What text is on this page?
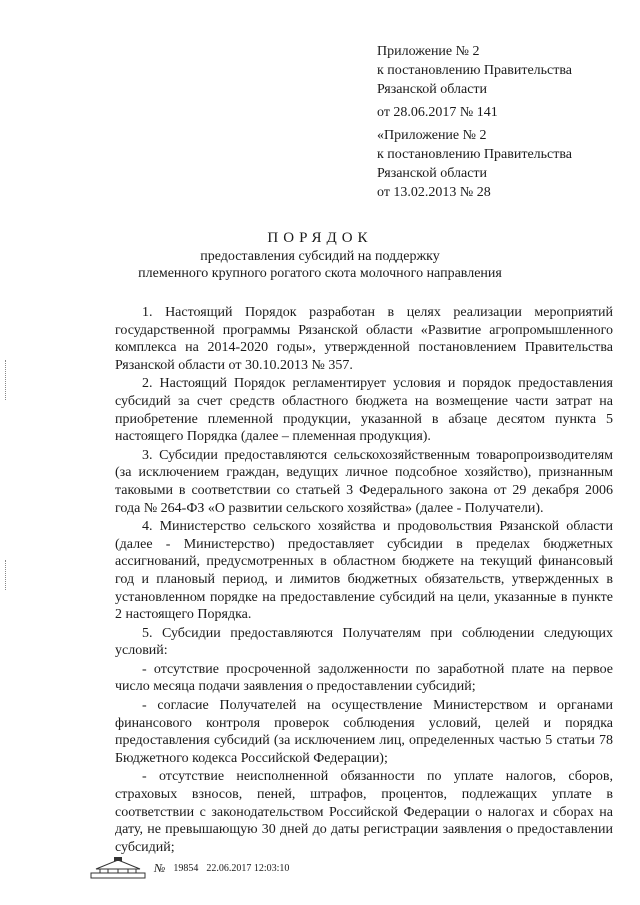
Приложение № 2
к постановлению Правительства
Рязанской области
от 28.06.2017 № 141
«Приложение № 2
к постановлению Правительства
Рязанской области
от 13.02.2013 № 28
ПОРЯДОК
предоставления субсидий на поддержку
племенного крупного рогатого скота молочного направления

1. Настоящий Порядок разработан в целях реализации мероприятий государственной программы Рязанской области «Развитие агропромышленного комплекса на 2014-2020 годы», утвержденной постановлением Правительства Рязанской области от 30.10.2013 № 357.

2. Настоящий Порядок регламентирует условия и порядок предоставления субсидий за счет средств областного бюджета на возмещение части затрат на приобретение племенной продукции, указанной в абзаце десятом пункта 5 настоящего Порядка (далее – племенная продукция).

3. Субсидии предоставляются сельскохозяйственным товаропроизводителям (за исключением граждан, ведущих личное подсобное хозяйство), признанным таковыми в соответствии со статьей 3 Федерального закона от 29 декабря 2006 года № 264-ФЗ «О развитии сельского хозяйства» (далее - Получатели).

4. Министерство сельского хозяйства и продовольствия Рязанской области (далее - Министерство) предоставляет субсидии в пределах бюджетных ассигнований, предусмотренных в областном бюджете на текущий финансовый год и плановый период, и лимитов бюджетных обязательств, утвержденных в установленном порядке на предоставление субсидий на цели, указанные в пункте 2 настоящего Порядка.

5. Субсидии предоставляются Получателям при соблюдении следующих условий:

- отсутствие просроченной задолженности по заработной плате на первое число месяца подачи заявления о предоставлении субсидий;

- согласие Получателей на осуществление Министерством и органами финансового контроля проверок соблюдения условий, целей и порядка предоставления субсидий (за исключением лиц, определенных частью 5 статьи 78 Бюджетного кодекса Российской Федерации);

- отсутствие неисполненной обязанности по уплате налогов, сборов, страховых взносов, пеней, штрафов, процентов, подлежащих уплате в соответствии с законодательством Российской Федерации о налогах и сборах на дату, не превышающую 30 дней до даты регистрации заявления о предоставлении субсидий;

№ 19854 22.06.2017 12:03:10
